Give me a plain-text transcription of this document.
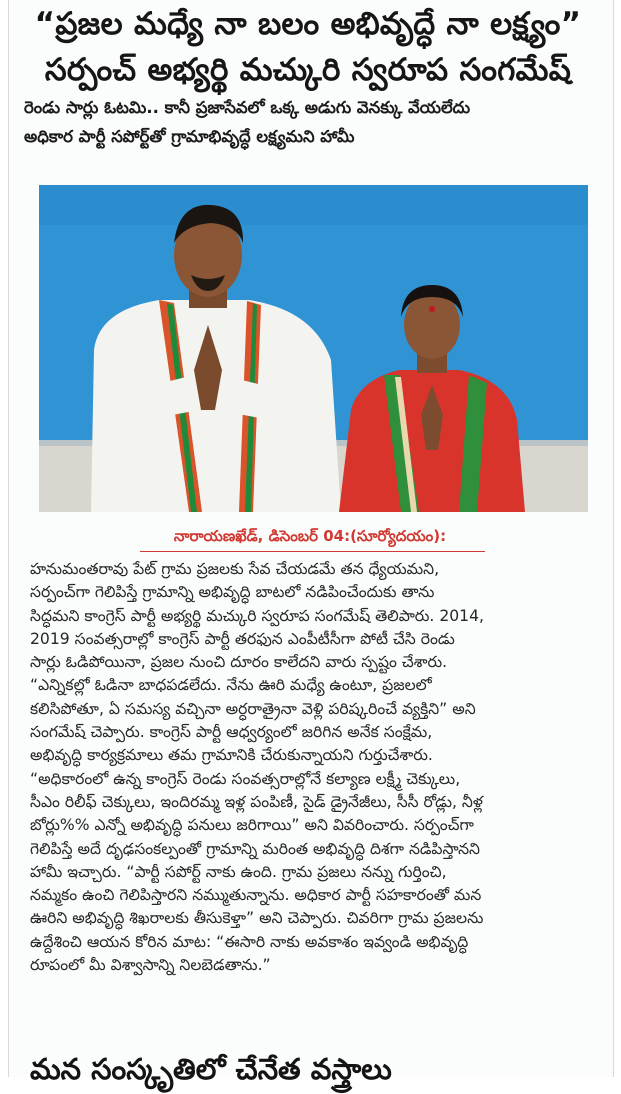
“ప్రజల మధ్యే నా బలం అభివృద్ధే నా లక్ష్యం”
సర్పంచ్ అభ్యర్థి మచ్కురి స్వరూప సంగమేష్
రెండు సార్లు ఓటమి.. కానీ ప్రజాసేవలో ఒక్క అడుగు వెనక్కు వేయలేదు
అధికార పార్టీ సపోర్ట్‌తో గ్రామాభివృద్ధే లక్ష్యమని హామీ
నారాయణఖేడ్, డిసెంబర్ 04:(సూర్యోదయం):
హనుమంతరావు పేట్ గ్రామ ప్రజలకు సేవ చేయడమే తన ధ్యేయమని,
సర్పంచ్‌గా గెలిపిస్తే గ్రామాన్ని అభివృద్ధి బాటలో నడిపించేందుకు తాను
సిద్ధమని కాంగ్రెస్ పార్టీ అభ్యర్థి మచ్కురి స్వరూప సంగమేష్ తెలిపారు. 2014,
2019 సంవత్సరాల్లో కాంగ్రెస్ పార్టీ తరఫున ఎంపీటీసీగా పోటీ చేసి రెండు
సార్లు ఓడిపోయినా, ప్రజల నుంచి దూరం కాలేదని వారు స్పష్టం చేశారు.
“ఎన్నికల్లో ఓడినా బాధపడలేదు. నేను ఊరి మధ్యే ఉంటూ, ప్రజలలో
కలిసిపోతూ, ఏ సమస్య వచ్చినా అర్ధరాత్రైనా వెళ్లి పరిష్కరించే వ్యక్తిని” అని
సంగమేష్ చెప్పారు. కాంగ్రెస్ పార్టీ ఆధ్వర్యంలో జరిగిన అనేక సంక్షేమ,
అభివృద్ధి కార్యక్రమాలు తమ గ్రామానికి చేరుకున్నాయని గుర్తుచేశారు.
“అధికారంలో ఉన్న కాంగ్రెస్ రెండు సంవత్సరాల్లోనే కల్యాణ లక్ష్మీ చెక్కులు,
సీఎం రిలీఫ్ చెక్కులు, ఇందిరమ్మ ఇళ్ల పంపిణీ, సైడ్ డ్రైనేజీలు, సీసీ రోడ్లు, నీళ్ల
బోర్లు%% ఎన్నో అభివృద్ధి పనులు జరిగాయి” అని వివరించారు. సర్పంచ్‌గా
గెలిపిస్తే అదే దృఢసంకల్పంతో గ్రామాన్ని మరింత అభివృద్ధి దిశగా నడిపిస్తానని
హామీ ఇచ్చారు. “పార్టీ సపోర్ట్ నాకు ఉంది. గ్రామ ప్రజలు నన్ను గుర్తించి,
నమ్మకం ఉంచి గెలిపిస్తారని నమ్ముతున్నాను. అధికార పార్టీ సహకారంతో మన
ఊరిని అభివృద్ధి శిఖరాలకు తీసుకెళ్తా” అని చెప్పారు. చివరిగా గ్రామ ప్రజలను
ఉద్దేశించి ఆయన కోరిన మాట: “ఈసారి నాకు అవకాశం ఇవ్వండి అభివృద్ధి
రూపంలో మీ విశ్వాసాన్ని నిలబెడతాను.”
మన సంస్కృతిలో చేనేత వస్త్రాలు
